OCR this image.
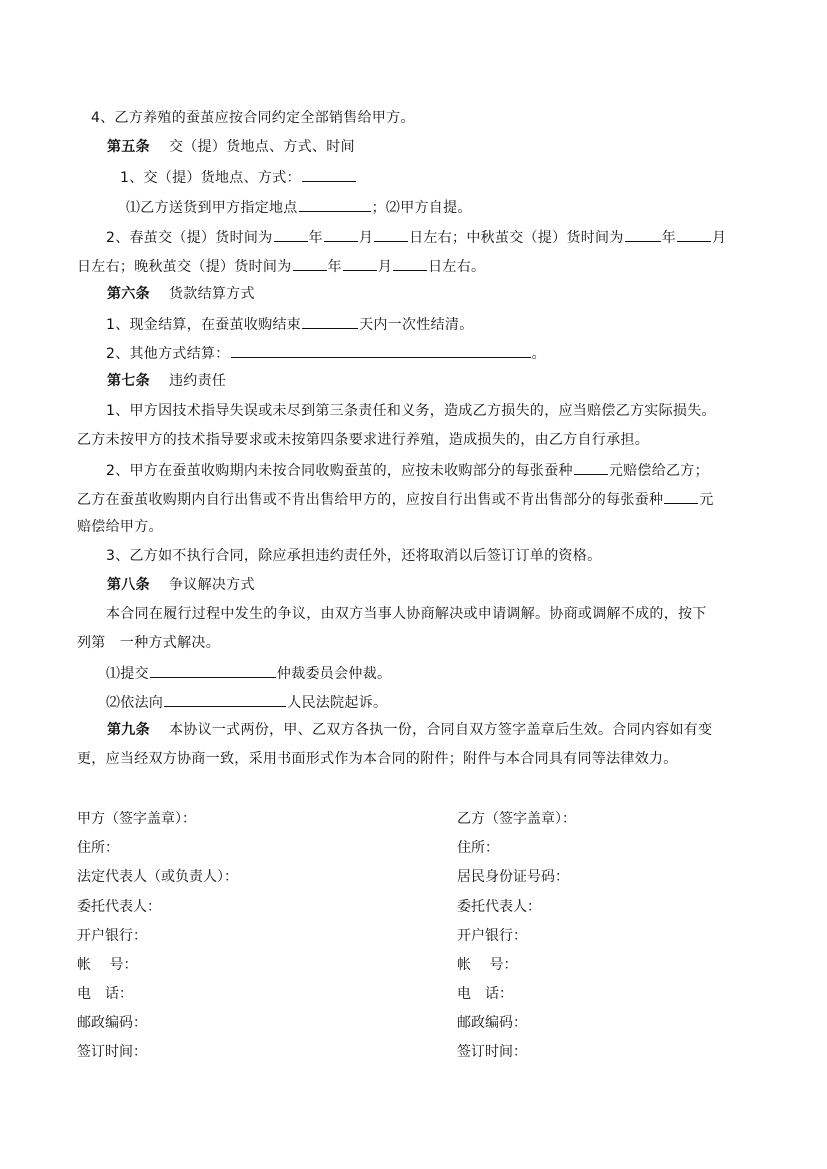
4、乙方养殖的蚕茧应按合同约定全部销售给甲方。
第五条　 交（提）货地点、方式、时间
1、交（提）货地点、方式：
⑴乙方送货到甲方指定地点	；⑵甲方自提。
2、春茧交（提）货时间为	年	月	日左右；中秋茧交（提）货时间为	年	月
日左右；晚秋茧交（提）货时间为	年	月	日左右。
第六条　 货款结算方式
1、现金结算，在蚕茧收购结束	天内一次性结清。
2、其他方式结算：	。
第七条　 违约责任
1、甲方因技术指导失误或未尽到第三条责任和义务，造成乙方损失的，应当赔偿乙方实际损失。
乙方未按甲方的技术指导要求或未按第四条要求进行养殖，造成损失的，由乙方自行承担。
2、甲方在蚕茧收购期内未按合同收购蚕茧的，应按未收购部分的每张蚕种	元赔偿给乙方；
乙方在蚕茧收购期内自行出售或不肯出售给甲方的，应按自行出售或不肯出售部分的每张蚕种	元
赔偿给甲方。
3、乙方如不执行合同，除应承担违约责任外，还将取消以后签订订单的资格。
第八条　 争议解决方式
本合同在履行过程中发生的争议，由双方当事人协商解决或申请调解。协商或调解不成的，按下
列第　一种方式解决。
⑴提交	仲裁委员会仲裁。
⑵依法向	人民法院起诉。
第九条　 本协议一式两份，甲、乙双方各执一份，合同自双方签字盖章后生效。合同内容如有变
更，应当经双方协商一致，采用书面形式作为本合同的附件；附件与本合同具有同等法律效力。
甲方（签字盖章）：
住所：
法定代表人（或负责人）：
委托代表人：
开户银行：
帐　 号：
电　话：
邮政编码：
签订时间：
乙方（签字盖章）：
住所：
居民身份证号码：
委托代表人：
开户银行：
帐　 号：
电　话：
邮政编码：
签订时间：
